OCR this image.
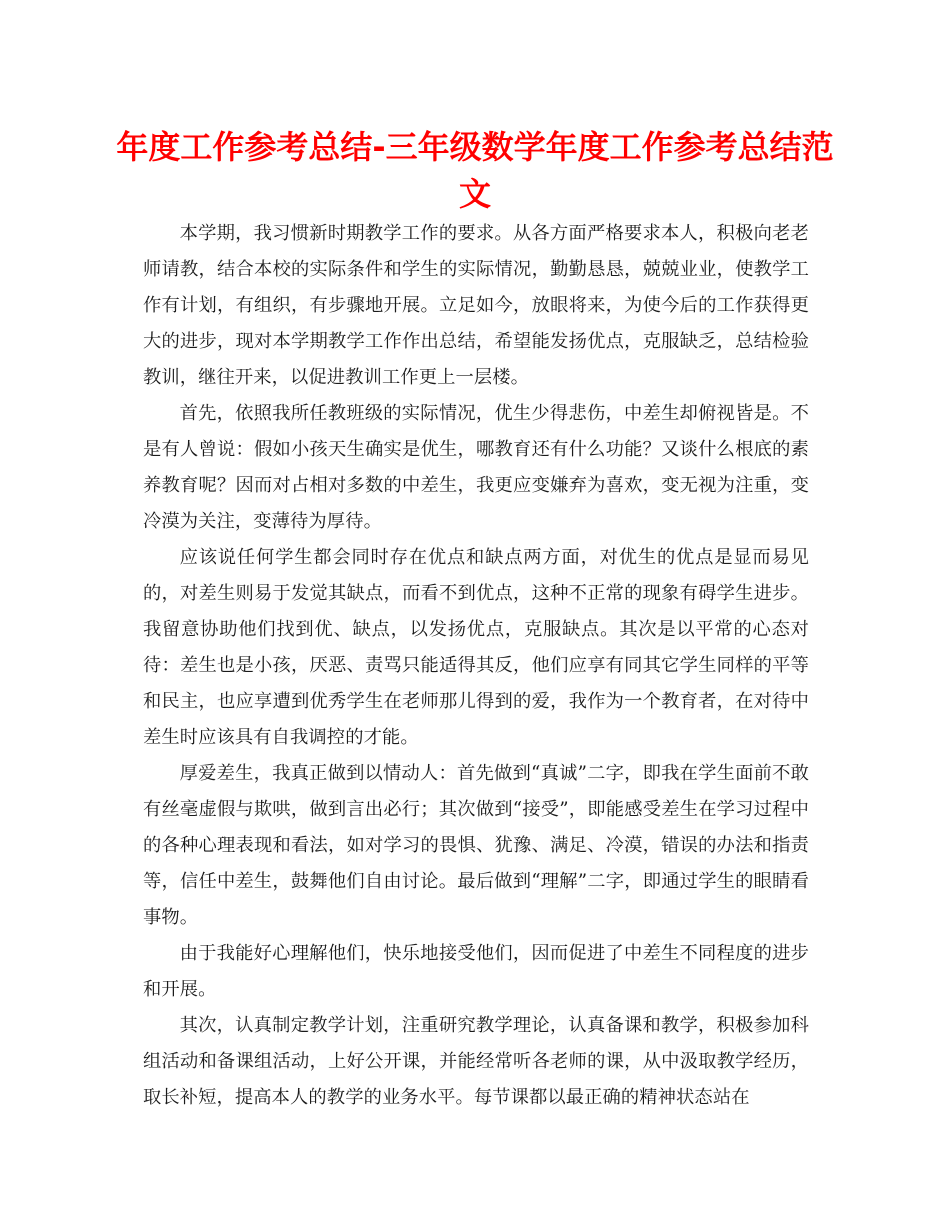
年度工作参考总结-三年级数学年度工作参考总结范文

本学期，我习惯新时期教学工作的要求。从各方面严格要求本人，积极向老老师请教，结合本校的实际条件和学生的实际情况，勤勤恳恳，兢兢业业，使教学工作有计划，有组织，有步骤地开展。立足如今，放眼将来，为使今后的工作获得更大的进步，现对本学期教学工作作出总结，希望能发扬优点，克服缺乏，总结检验教训，继往开来，以促进教训工作更上一层楼。

首先，依照我所任教班级的实际情况，优生少得悲伤，中差生却俯视皆是。不是有人曾说：假如小孩天生确实是优生，哪教育还有什么功能？又谈什么根底的素养教育呢？因而对占相对多数的中差生，我更应变嫌弃为喜欢，变无视为注重，变冷漠为关注，变薄待为厚待。

应该说任何学生都会同时存在优点和缺点两方面，对优生的优点是显而易见的，对差生则易于发觉其缺点，而看不到优点，这种不正常的现象有碍学生进步。我留意协助他们找到优、缺点，以发扬优点，克服缺点。其次是以平常的心态对待：差生也是小孩，厌恶、责骂只能适得其反，他们应享有同其它学生同样的平等和民主，也应享遭到优秀学生在老师那儿得到的爱，我作为一个教育者，在对待中差生时应该具有自我调控的才能。

厚爱差生，我真正做到以情动人：首先做到“真诚”二字，即我在学生面前不敢有丝毫虚假与欺哄，做到言出必行；其次做到“接受”，即能感受差生在学习过程中的各种心理表现和看法，如对学习的畏惧、犹豫、满足、冷漠，错误的办法和指责等，信任中差生，鼓舞他们自由讨论。最后做到“理解”二字，即通过学生的眼睛看事物。

由于我能好心理解他们，快乐地接受他们，因而促进了中差生不同程度的进步和开展。

其次，认真制定教学计划，注重研究教学理论，认真备课和教学，积极参加科组活动和备课组活动，上好公开课，并能经常听各老师的课，从中汲取教学经历，取长补短，提高本人的教学的业务水平。每节课都以最正确的精神状态站在
